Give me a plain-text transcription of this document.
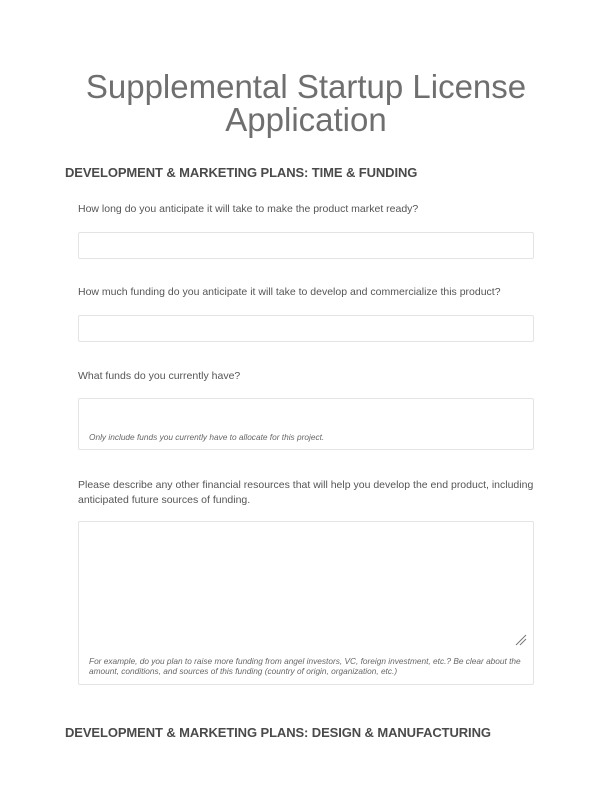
Supplemental Startup License
Application
DEVELOPMENT & MARKETING PLANS: TIME & FUNDING

How long do you anticipate it will take to make the product market ready?

How much funding do you anticipate it will take to develop and commercialize this product?

What funds do you currently have?

Only include funds you currently have to allocate for this project.

Please describe any other financial resources that will help you develop the end product, including anticipated future sources of funding.

For example, do you plan to raise more funding from angel investors, VC, foreign investment, etc.? Be clear about the amount, conditions, and sources of this funding (country of origin, organization, etc.)
DEVELOPMENT & MARKETING PLANS: DESIGN & MANUFACTURING
